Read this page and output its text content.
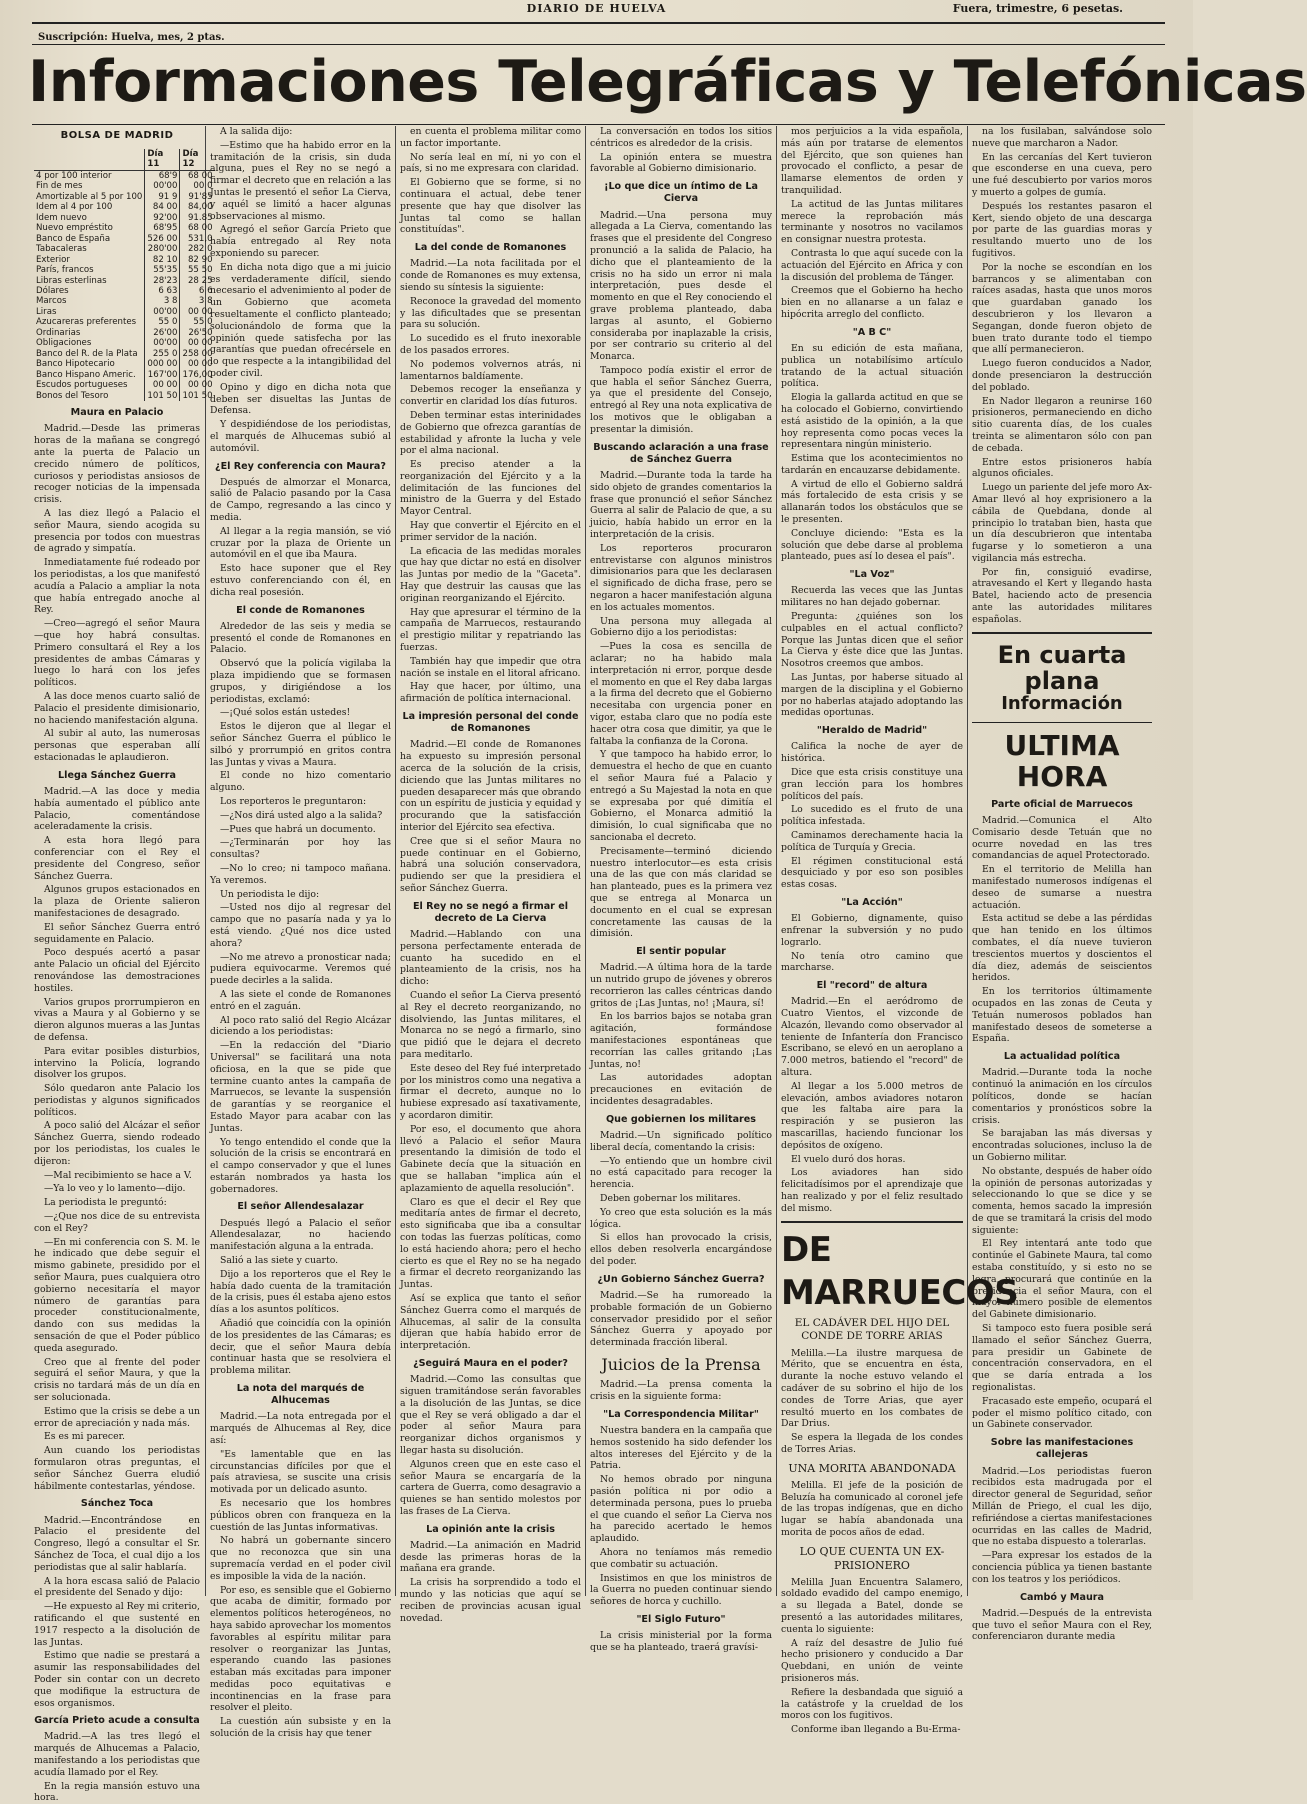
DIARIO DE HUELVA	Fuera, trimestre, 6 pesetas.
Suscripción: Huelva, mes, 2 ptas.
Informaciones Telegráficas y Telefónicas
BOLSA DE MADRID
	Día 11	Día 12
4 por 100 interior	68'9	68 00
Fin de mes	00'00	00 0
Amortizable al 5 por 100	91 9	91'85
Idem al 4 por 100	84 00	84,00
Idem nuevo	92'00	91.85
Nuevo empréstito	68'95	68 00
Banco de España	526 00	531,0
Tabacaleras	280'00	282 0
Exterior	82 10	82 90
París, francos	55'35	55 50
Libras esterlinas	28'23	28 25
Dólares	6 63	6 6
Marcos	3 8	3 8
Liras	00'00	00 00
Azucareras preferentes	55 0	55 0
Ordinarias	26'00	26'50
Obligaciones	00'00	00 00
Banco del R. de la Plata	255 0	258 00
Banco Hipotecario	000 00	00 00
Banco Hispano Americ.	167'00	176,00
Escudos portugueses	00 00	00 00
Bonos del Tesoro	101 50	101 50
Maura en Palacio

Madrid.—Desde las primeras horas de la mañana se congregó ante la puerta de Palacio un crecido número de políticos, curiosos y periodistas ansiosos de recoger noticias de la impensada crisis.

A las diez llegó a Palacio el señor Maura, siendo acogida su presencia por todos con muestras de agrado y simpatía.

Inmediatamente fué rodeado por los periodistas, a los que manifestó acudía a Palacio a ampliar la nota que había entregado anoche al Rey.

—Creo—agregó el señor Maura—que hoy habrá consultas. Primero consultará el Rey a los presidentes de ambas Cámaras y luego lo hará con los jefes políticos.

A las doce menos cuarto salió de Palacio el presidente dimisionario, no haciendo manifestación alguna.

Al subir al auto, las numerosas personas que esperaban allí estacionadas le aplaudieron.

Llega Sánchez Guerra

Madrid.—A las doce y media había aumentado el público ante Palacio, comentándose aceleradamente la crisis.

A esta hora llegó para conferenciar con el Rey el presidente del Congreso, señor Sánchez Guerra.

Algunos grupos estacionados en la plaza de Oriente salieron manifestaciones de desagrado.

El señor Sánchez Guerra entró seguidamente en Palacio.

Poco después acertó a pasar ante Palacio un oficial del Ejército renovándose las demostraciones hostiles.

Varios grupos prorrumpieron en vivas a Maura y al Gobierno y se dieron algunos mueras a las Juntas de defensa.

Para evitar posibles disturbios, intervino la Policía, logrando disolver los grupos.

Sólo quedaron ante Palacio los periodistas y algunos significados políticos.

A poco salió del Alcázar el señor Sánchez Guerra, siendo rodeado por los periodistas, los cuales le dijeron:

—Mal recibimiento se hace a V.

—Ya lo veo y lo lamento—dijo.

La periodista le preguntó:

—¿Que nos dice de su entrevista con el Rey?

—En mi conferencia con S. M. le he indicado que debe seguir el mismo gabinete, presidido por el señor Maura, pues cualquiera otro gobierno necesitaría el mayor número de garantías para proceder constitucionalmente, dando con sus medidas la sensación de que el Poder público queda asegurado.

Creo que al frente del poder seguirá el señor Maura, y que la crisis no tardará más de un día en ser solucionada.

Estimo que la crisis se debe a un error de apreciación y nada más.

Es es mi parecer.

Aun cuando los periodistas formularon otras preguntas, el señor Sánchez Guerra eludió hábilmente contestarlas, yéndose.

Sánchez Toca

Madrid.—Encontrándose en Palacio el presidente del Congreso, llegó a consultar el Sr. Sánchez de Toca, el cual dijo a los periodistas que al salir hablaría.

A la hora escasa salió de Palacio el presidente del Senado y dijo:

—He expuesto al Rey mi criterio, ratificando el que sustenté en 1917 respecto a la disolución de las Juntas.

Estimo que nadie se prestará a asumir las responsabilidades del Poder sin contar con un decreto que modifique la estructura de esos organismos.

García Prieto acude a consulta

Madrid.—A las tres llegó el marqués de Alhucemas a Palacio, manifestando a los periodistas que acudía llamado por el Rey.

En la regia mansión estuvo una hora.

A la salida dijo:

—Estimo que ha habido error en la tramitación de la crisis, sin duda alguna, pues el Rey no se negó a firmar el decreto que en relación a las Juntas le presentó el señor La Cierva, y aquél se limitó a hacer algunas observaciones al mismo.

Agregó el señor García Prieto que había entregado al Rey nota exponiendo su parecer.

En dicha nota digo que a mi juicio es verdaderamente difícil, siendo necesario el advenimiento al poder de un Gobierno que acometa resueltamente el conflicto planteado; solucionándolo de forma que la opinión quede satisfecha por las garantías que puedan ofrecérsele en lo que respecte a la intangibilidad del poder civil.

Opino y digo en dicha nota que deben ser disueltas las Juntas de Defensa.

Y despidiéndose de los periodistas, el marqués de Alhucemas subió al automóvil.

¿El Rey conferencia con Maura?

Después de almorzar el Monarca, salió de Palacio pasando por la Casa de Campo, regresando a las cinco y media.

Al llegar a la regia mansión, se vió cruzar por la plaza de Oriente un automóvil en el que iba Maura.

Esto hace suponer que el Rey estuvo conferenciando con él, en dicha real posesión.

El conde de Romanones

Alrededor de las seis y media se presentó el conde de Romanones en Palacio.

Observó que la policía vigilaba la plaza impidiendo que se formasen grupos, y dirigiéndose a los periodistas, exclamó:

—¡Qué solos están ustedes!

Estos le dijeron que al llegar el señor Sánchez Guerra el público le silbó y prorrumpió en gritos contra las Juntas y vivas a Maura.

El conde no hizo comentario alguno.

Los reporteros le preguntaron:

—¿Nos dirá usted algo a la salida?

—Pues que habrá un documento.

—¿Terminarán por hoy las consultas?

—No lo creo; ni tampoco mañana. Ya veremos.

Un periodista le dijo:

—Usted nos dijo al regresar del campo que no pasaría nada y ya lo está viendo. ¿Qué nos dice usted ahora?

—No me atrevo a pronosticar nada; pudiera equivocarme. Veremos qué puede decirles a la salida.

A las siete el conde de Romanones entró en el zaguán.

Al poco rato salió del Regio Alcázar diciendo a los periodistas:

—En la redacción del "Diario Universal" se facilitará una nota oficiosa, en la que se pide que termine cuanto antes la campaña de Marruecos, se levante la suspensión de garantías y se reorganice el Estado Mayor para acabar con las Juntas.

Yo tengo entendido el conde que la solución de la crisis se encontrará en el campo conservador y que el lunes estarán nombrados ya hasta los gobernadores.

El señor Allendesalazar

Después llegó a Palacio el señor Allendesalazar, no haciendo manifestación alguna a la entrada.

Salió a las siete y cuarto.

Dijo a los reporteros que el Rey le había dado cuenta de la tramitación de la crisis, pues él estaba ajeno estos días a los asuntos políticos.

Añadió que coincidía con la opinión de los presidentes de las Cámaras; es decir, que el señor Maura debía continuar hasta que se resolviera el problema militar.

La nota del marqués de Alhucemas

Madrid.—La nota entregada por el marqués de Alhucemas al Rey, dice así:

"Es lamentable que en las circunstancias difíciles por que el país atraviesa, se suscite una crisis motivada por un delicado asunto.

Es necesario que los hombres públicos obren con franqueza en la cuestión de las Juntas informativas.

No habrá un gobernante sincero que no reconozca que sin una supremacía verdad en el poder civil es imposible la vida de la nación.

Por eso, es sensible que el Gobierno que acaba de dimitir, formado por elementos políticos heterogéneos, no haya sabido aprovechar los momentos favorables al espíritu militar para resolver o reorganizar las Juntas, esperando cuando las pasiones estaban más excitadas para imponer medidas poco equitativas e incontinencias en la frase para resolver el pleito.

La cuestión aún subsiste y en la solución de la crisis hay que tener

en cuenta el problema militar como un factor importante.

No sería leal en mí, ni yo con el país, si no me expresara con claridad.

El Gobierno que se forme, si no continuara el actual, debe tener presente que hay que disolver las Juntas tal como se hallan constituídas".

La del conde de Romanones

Madrid.—La nota facilitada por el conde de Romanones es muy extensa, siendo su síntesis la siguiente:

Reconoce la gravedad del momento y las dificultades que se presentan para su solución.

Lo sucedido es el fruto inexorable de los pasados errores.

No podemos volvernos atrás, ni lamentarnos baldíamente.

Debemos recoger la enseñanza y convertir en claridad los días futuros.

Deben terminar estas interinidades de Gobierno que ofrezca garantías de estabilidad y afronte la lucha y vele por el alma nacional.

Es preciso atender a la reorganización del Ejército y a la delimitación de las funciones del ministro de la Guerra y del Estado Mayor Central.

Hay que convertir el Ejército en el primer servidor de la nación.

La eficacia de las medidas morales que hay que dictar no está en disolver las Juntas por medio de la "Gaceta". Hay que destruir las causas que las originan reorganizando el Ejército.

Hay que apresurar el término de la campaña de Marruecos, restaurando el prestigio militar y repatriando las fuerzas.

También hay que impedir que otra nación se instale en el litoral africano.

Hay que hacer, por último, una afirmación de política internacional.

La impresión personal del conde de Romanones

Madrid.—El conde de Romanones ha expuesto su impresión personal acerca de la solución de la crisis, diciendo que las Juntas militares no pueden desaparecer más que obrando con un espíritu de justicia y equidad y procurando que la satisfacción interior del Ejército sea efectiva.

Cree que si el señor Maura no puede continuar en el Gobierno, habrá una solución conservadora, pudiendo ser que la presidiera el señor Sánchez Guerra.

El Rey no se negó a firmar el decreto de La Cierva

Madrid.—Hablando con una persona perfectamente enterada de cuanto ha sucedido en el planteamiento de la crisis, nos ha dicho:

Cuando el señor La Cierva presentó al Rey el decreto reorganizando, no disolviendo, las Juntas militares, el Monarca no se negó a firmarlo, sino que pidió que le dejara el decreto para meditarlo.

Este deseo del Rey fué interpretado por los ministros como una negativa a firmar el decreto, aunque no lo hubiese expresado así taxativamente, y acordaron dimitir.

Por eso, el documento que ahora llevó a Palacio el señor Maura presentando la dimisión de todo el Gabinete decía que la situación en que se hallaban "implica aún el aplazamiento de aquella resolución".

Claro es que el decir el Rey que meditaría antes de firmar el decreto, esto significaba que iba a consultar con todas las fuerzas políticas, como lo está haciendo ahora; pero el hecho cierto es que el Rey no se ha negado a firmar el decreto reorganizando las Juntas.

Así se explica que tanto el señor Sánchez Guerra como el marqués de Alhucemas, al salir de la consulta dijeran que había habido error de interpretación.

¿Seguirá Maura en el poder?

Madrid.—Como las consultas que siguen tramitándose serán favorables a la disolución de las Juntas, se dice que el Rey se verá obligado a dar el poder al señor Maura para reorganizar dichos organismos y llegar hasta su disolución.

Algunos creen que en este caso el señor Maura se encargaría de la cartera de Guerra, como desagravio a quienes se han sentido molestos por las frases de La Cierva.

La opinión ante la crisis

Madrid.—La animación en Madrid desde las primeras horas de la mañana era grande.

La crisis ha sorprendido a todo el mundo y las noticias que aquí se reciben de provincias acusan igual novedad.

La conversación en todos los sitios céntricos es alrededor de la crisis.

La opinión entera se muestra favorable al Gobierno dimisionario.

¡Lo que dice un íntimo de La Cierva

Madrid.—Una persona muy allegada a La Cierva, comentando las frases que el presidente del Congreso pronunció a la salida de Palacio, ha dicho que el planteamiento de la crisis no ha sido un error ni mala interpretación, pues desde el momento en que el Rey conociendo el grave problema planteado, daba largas al asunto, el Gobierno consideraba por inaplazable la crisis, por ser contrario su criterio al del Monarca.

Tampoco podía existir el error de que habla el señor Sánchez Guerra, ya que el presidente del Consejo, entregó al Rey una nota explicativa de los motivos que le obligaban a presentar la dimisión.

Buscando aclaración a una frase de Sánchez Guerra

Madrid.—Durante toda la tarde ha sido objeto de grandes comentarios la frase que pronunció el señor Sánchez Guerra al salir de Palacio de que, a su juicio, había habido un error en la interpretación de la crisis.

Los reporteros procuraron entrevistarse con algunos ministros dimisionarios para que les declarasen el significado de dicha frase, pero se negaron a hacer manifestación alguna en los actuales momentos.

Una persona muy allegada al Gobierno dijo a los periodistas:

—Pues la cosa es sencilla de aclarar; no ha habido mala interpretación ni error, porque desde el momento en que el Rey daba largas a la firma del decreto que el Gobierno necesitaba con urgencia poner en vigor, estaba claro que no podía este hacer otra cosa que dimitir, ya que le faltaba la confianza de la Corona.

Y que tampoco ha habido error, lo demuestra el hecho de que en cuanto el señor Maura fué a Palacio y entregó a Su Majestad la nota en que se expresaba por qué dimitía el Gobierno, el Monarca admitió la dimisión, lo cual significaba que no sancionaba el decreto.

Precisamente—terminó diciendo nuestro interlocutor—es esta crisis una de las que con más claridad se han planteado, pues es la primera vez que se entrega al Monarca un documento en el cual se expresan concretamente las causas de la dimisión.

El sentir popular

Madrid.—A última hora de la tarde un nutrido grupo de jóvenes y obreros recorrieron las calles céntricas dando gritos de ¡Las Juntas, no! ¡Maura, sí!

En los barrios bajos se notaba gran agitación, formándose manifestaciones espontáneas que recorrían las calles gritando ¡Las Juntas, no!

Las autoridades adoptan precauciones en evitación de incidentes desagradables.

Que gobiernen los militares

Madrid.—Un significado político liberal decía, comentando la crisis:

—Yo entiendo que un hombre civil no está capacitado para recoger la herencia.

Deben gobernar los militares.

Yo creo que esta solución es la más lógica.

Si ellos han provocado la crisis, ellos deben resolverla encargándose del poder.

¿Un Gobierno Sánchez Guerra?

Madrid.—Se ha rumoreado la probable formación de un Gobierno conservador presidido por el señor Sánchez Guerra y apoyado por determinada fracción liberal.

Juicios de la Prensa

Madrid.—La prensa comenta la crisis en la siguiente forma:

"La Correspondencia Militar"

Nuestra bandera en la campaña que hemos sostenido ha sido defender los altos intereses del Ejército y de la Patria.

No hemos obrado por ninguna pasión política ni por odio a determinada persona, pues lo prueba el que cuando el señor La Cierva nos ha parecido acertado le hemos aplaudido.

Ahora no teníamos más remedio que combatir su actuación.

Insistimos en que los ministros de la Guerra no pueden continuar siendo señores de horca y cuchillo.

"El Siglo Futuro"

La crisis ministerial por la forma que se ha planteado, traerá gravísi-

mos perjuicios a la vida española, más aún por tratarse de elementos del Ejército, que son quienes han provocado el conflicto, a pesar de llamarse elementos de orden y tranquilidad.

La actitud de las Juntas militares merece la reprobación más terminante y nosotros no vacilamos en consignar nuestra protesta.

Contrasta lo que aquí sucede con la actuación del Ejército en Africa y con la discusión del problema de Tánger.

Creemos que el Gobierno ha hecho bien en no allanarse a un falaz e hipócrita arreglo del conflicto.

"A B C"

En su edición de esta mañana, publica un notabilísimo artículo tratando de la actual situación política.

Elogia la gallarda actitud en que se ha colocado el Gobierno, convirtiendo está asistido de la opinión, a la que hoy representa como pocas veces la representara ningún ministerio.

Estima que los acontecimientos no tardarán en encauzarse debidamente.

A virtud de ello el Gobierno saldrá más fortalecido de esta crisis y se allanarán todos los obstáculos que se le presenten.

Concluye diciendo: "Esta es la solución que debe darse al problema planteado, pues así lo desea el país".

"La Voz"

Recuerda las veces que las Juntas militares no han dejado gobernar.

Pregunta: ¿quiénes son los culpables en el actual conflicto? Porque las Juntas dicen que el señor La Cierva y éste dice que las Juntas. Nosotros creemos que ambos.

Las Juntas, por haberse situado al margen de la disciplina y el Gobierno por no haberlas atajado adoptando las medidas oportunas.

"Heraldo de Madrid"

Califica la noche de ayer de histórica.

Dice que esta crisis constituye una gran lección para los hombres políticos del país.

Lo sucedido es el fruto de una política infestada.

Caminamos derechamente hacia la política de Turquía y Grecia.

El régimen constitucional está desquiciado y por eso son posibles estas cosas.

"La Acción"

El Gobierno, dignamente, quiso enfrenar la subversión y no pudo lograrlo.

No tenía otro camino que marcharse.

El "record" de altura

Madrid.—En el aeródromo de Cuatro Vientos, el vizconde de Alcazón, llevando como observador al teniente de Infantería don Francisco Escribano, se elevó en un aeroplano a 7.000 metros, batiendo el "record" de altura.

Al llegar a los 5.000 metros de elevación, ambos aviadores notaron que les faltaba aire para la respiración y se pusieron las mascarillas, haciendo funcionar los depósitos de oxígeno.

El vuelo duró dos horas.

Los aviadores han sido felicitadísimos por el aprendizaje que han realizado y por el feliz resultado del mismo.

DE MARRUECOS
EL CADÁVER DEL HIJO DEL CONDE DE TORRE ARIAS

Melilla.—La ilustre marquesa de Mérito, que se encuentra en ésta, durante la noche estuvo velando el cadáver de su sobrino el hijo de los condes de Torre Arias, que ayer resultó muerto en los combates de Dar Drius.

Se espera la llegada de los condes de Torres Arias.

UNA MORITA ABANDONADA

Melilla. El jefe de la posición de Beluzía ha comunicado al coronel jefe de las tropas indígenas, que en dicho lugar se había abandonada una morita de pocos años de edad.

LO QUE CUENTA UN EX-PRISIONERO

Melilla Juan Encuentra Salamero, soldado evadido del campo enemigo, a su llegada a Batel, donde se presentó a las autoridades militares, cuenta lo siguiente:

A raíz del desastre de Julio fué hecho prisionero y conducido a Dar Quebdani, en unión de veinte prisioneros más.

Refiere la desbandada que siguió a la catástrofe y la crueldad de los moros con los fugitivos.

Conforme iban llegando a Bu-Erma-

na los fusilaban, salvándose solo nueve que marcharon a Nador.

En las cercanías del Kert tuvieron que esconderse en una cueva, pero une fué descubierto por varios moros y muerto a golpes de gumía.

Después los restantes pasaron el Kert, siendo objeto de una descarga por parte de las guardias moras y resultando muerto uno de los fugitivos.

Por la noche se escondían en los barrancos y se alimentaban con raíces asadas, hasta que unos moros que guardaban ganado los descubrieron y los llevaron a Segangan, donde fueron objeto de buen trato durante todo el tiempo que allí permanecieron.

Luego fueron conducidos a Nador, donde presenciaron la destrucción del poblado.

En Nador llegaron a reunirse 160 prisioneros, permaneciendo en dicho sitio cuarenta días, de los cuales treinta se alimentaron sólo con pan de cebada.

Entre estos prisioneros había algunos oficiales.

Luego un pariente del jefe moro Ax-Amar llevó al hoy exprisionero a la cábila de Quebdana, donde al principio lo trataban bien, hasta que un día descubrieron que intentaba fugarse y lo sometieron a una vigilancia más estrecha.

Por fin, consiguió evadirse, atravesando el Kert y llegando hasta Batel, haciendo acto de presencia ante las autoridades militares españolas.

En cuarta plana
Información
ULTIMA HORA
Parte oficial de Marruecos

Madrid.—Comunica el Alto Comisario desde Tetuán que no ocurre novedad en las tres comandancias de aquel Protectorado.

En el territorio de Melilla han manifestado numerosos indígenas el deseo de sumarse a nuestra actuación.

Esta actitud se debe a las pérdidas que han tenido en los últimos combates, el día nueve tuvieron trescientos muertos y doscientos el día diez, además de seiscientos heridos.

En los territorios últimamente ocupados en las zonas de Ceuta y Tetuán numerosos poblados han manifestado deseos de someterse a España.

La actualidad política

Madrid.—Durante toda la noche continuó la animación en los círculos políticos, donde se hacían comentarios y pronósticos sobre la crisis.

Se barajaban las más diversas y encontradas soluciones, incluso la de un Gobierno militar.

No obstante, después de haber oído la opinión de personas autorizadas y seleccionando lo que se dice y se comenta, hemos sacado la impresión de que se tramitará la crisis del modo siguiente:

El Rey intentará ante todo que continúe el Gabinete Maura, tal como estaba constituído, y si esto no se logra, procurará que continúe en la presidencia el señor Maura, con el mayor número posible de elementos del Gabinete dimisionario.

Si tampoco esto fuera posible será llamado el señor Sánchez Guerra, para presidir un Gabinete de concentración conservadora, en el que se daría entrada a los regionalistas.

Fracasado este empeño, ocupará el poder el mismo político citado, con un Gabinete conservador.

Sobre las manifestaciones callejeras

Madrid.—Los periodistas fueron recibidos esta madrugada por el director general de Seguridad, señor Millán de Priego, el cual les dijo, refiriéndose a ciertas manifestaciones ocurridas en las calles de Madrid, que no estaba dispuesto a tolerarlas.

—Para expresar los estados de la conciencia pública ya tienen bastante con los teatros y los periódicos.

Cambó y Maura

Madrid.—Después de la entrevista que tuvo el señor Maura con el Rey, conferenciaron durante media
